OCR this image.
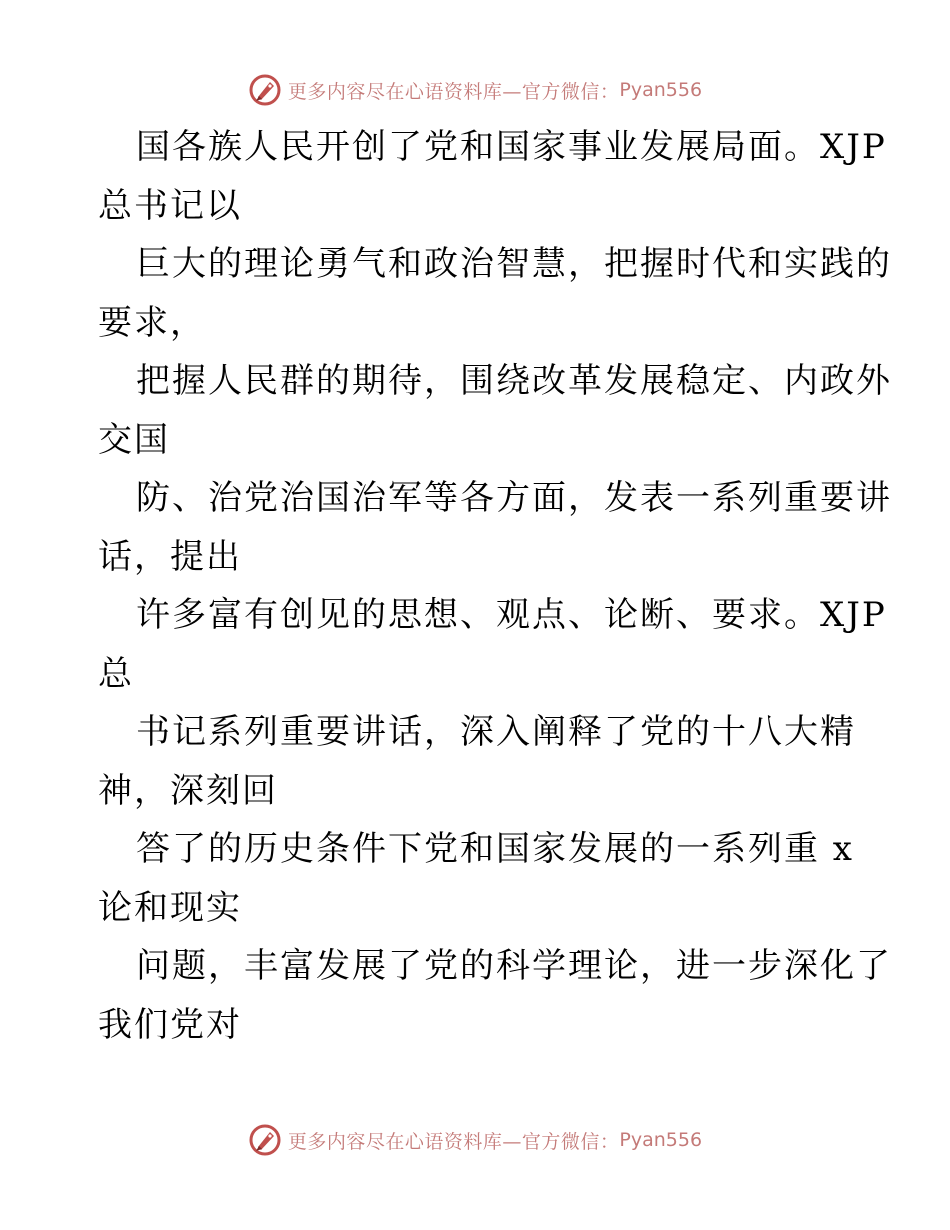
更多内容尽在心语资料库—官方微信： Pyan556
国各族人民开创了党和国家事业发展局面。XJP
总书记以
巨大的理论勇气和政治智慧，把握时代和实践的
要求，
把握人民群的期待，围绕改革发展稳定、内政外
交国
防、治党治国治军等各方面，发表一系列重要讲
话，提出
许多富有创见的思想、观点、论断、要求。XJP
总
书记系列重要讲话，深入阐释了党的十八大精
神，深刻回
答了的历史条件下党和国家发展的一系列重 x
论和现实
问题，丰富发展了党的科学理论，进一步深化了
我们党对
更多内容尽在心语资料库—官方微信： Pyan556
